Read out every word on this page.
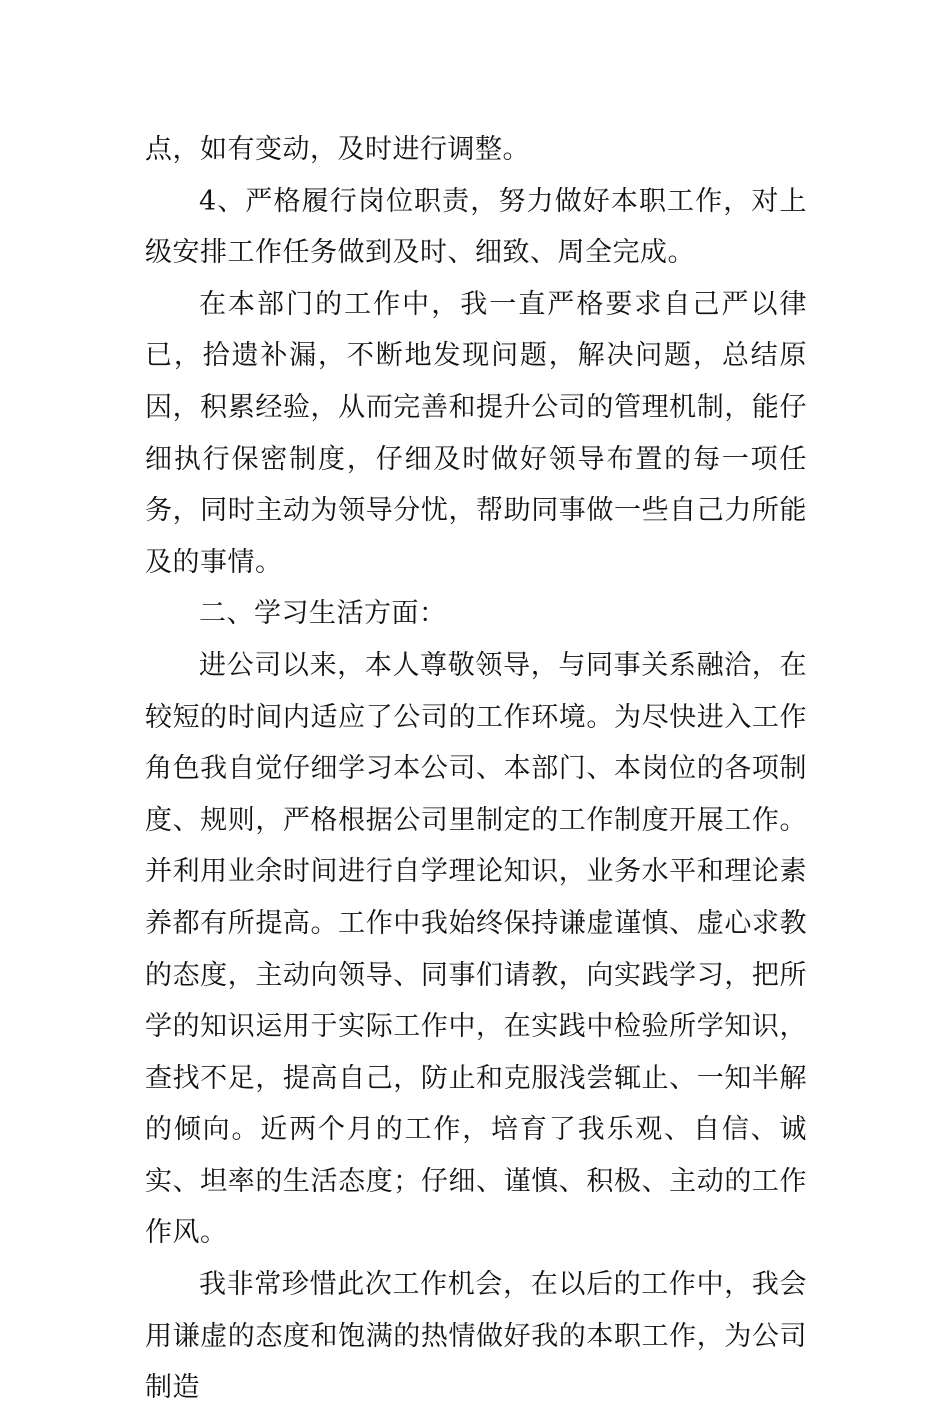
点，如有变动，及时进行调整。

4、严格履行岗位职责，努力做好本职工作，对上级安排工作任务做到及时、细致、周全完成。

在本部门的工作中，我一直严格要求自己严以律已，拾遗补漏，不断地发现问题，解决问题，总结原因，积累经验，从而完善和提升公司的管理机制，能仔细执行保密制度，仔细及时做好领导布置的每一项任务，同时主动为领导分忧，帮助同事做一些自己力所能及的事情。

二、学习生活方面：

进公司以来，本人尊敬领导，与同事关系融洽，在较短的时间内适应了公司的工作环境。为尽快进入工作角色我自觉仔细学习本公司、本部门、本岗位的各项制度、规则，严格根据公司里制定的工作制度开展工作。并利用业余时间进行自学理论知识，业务水平和理论素养都有所提高。工作中我始终保持谦虚谨慎、虚心求教的态度，主动向领导、同事们请教，向实践学习，把所学的知识运用于实际工作中，在实践中检验所学知识，查找不足，提高自己，防止和克服浅尝辄止、一知半解的倾向。近两个月的工作，培育了我乐观、自信、诚实、坦率的生活态度；仔细、谨慎、积极、主动的工作作风。

我非常珍惜此次工作机会，在以后的工作中，我会用谦虚的态度和饱满的热情做好我的本职工作，为公司制造
